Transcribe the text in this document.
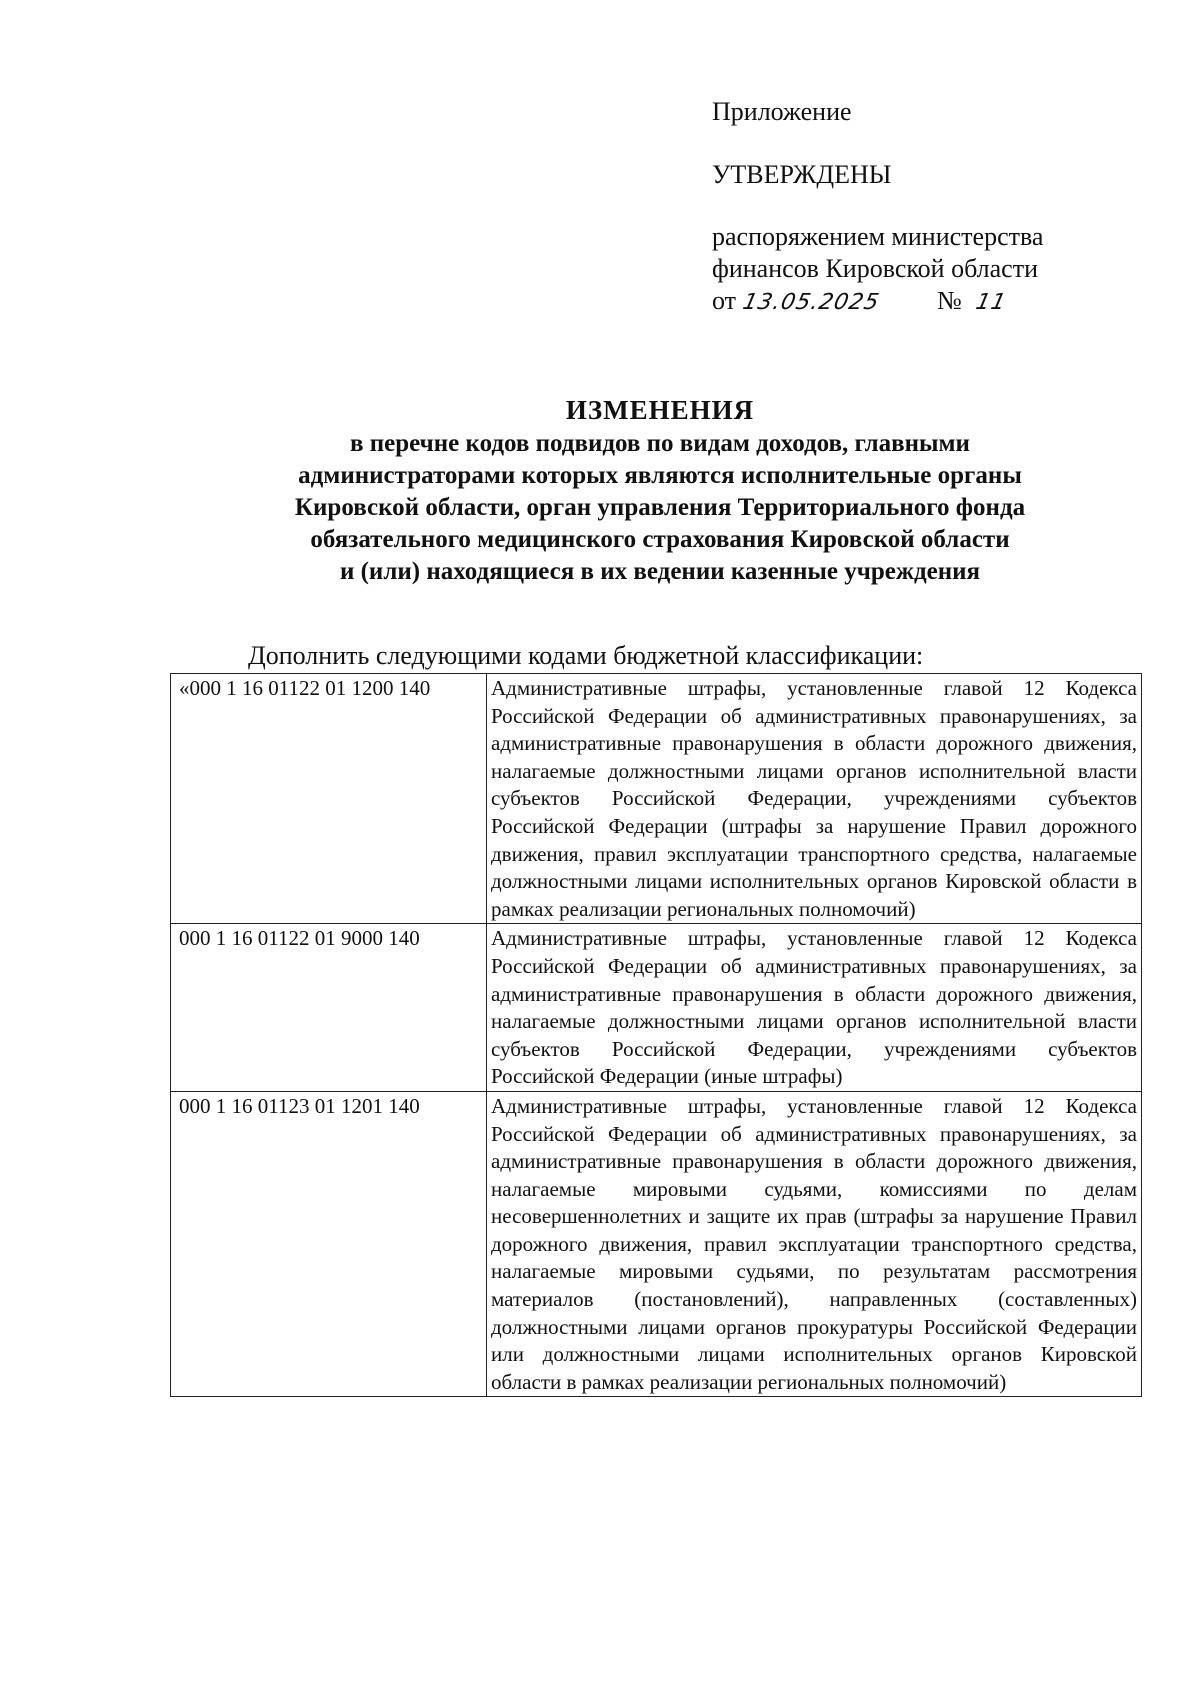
Приложение
УТВЕРЖДЕНЫ
распоряжением министерства
финансов Кировской области
от 13.05.2025 № 11
ИЗМЕНЕНИЯ
в перечне кодов подвидов по видам доходов, главными
администраторами которых являются исполнительные органы
Кировской области, орган управления Территориального фонда
обязательного медицинского страхования Кировской области
и (или) находящиеся в их ведении казенные учреждения
Дополнить следующими кодами бюджетной классификации:
«000 1 16 01122 01 1200 140	Административные штрафы, установленные главой 12 Кодекса Российской Федерации об административных правонарушениях, за административные правонарушения в области дорожного движения, налагаемые должностными лицами органов исполнительной власти субъектов Российской Федерации, учреждениями субъектов Российской Федерации (штрафы за нарушение Правил дорожного движения, правил эксплуатации транспортного средства, налагаемые должностными лицами исполнительных органов Кировской области в рамках реализации региональных полномочий)
000 1 16 01122 01 9000 140	Административные штрафы, установленные главой 12 Кодекса Российской Федерации об административных правонарушениях, за административные правонарушения в области дорожного движения, налагаемые должностными лицами органов исполнительной власти субъектов Российской Федерации, учреждениями субъектов Российской Федерации (иные штрафы)
000 1 16 01123 01 1201 140	Административные штрафы, установленные главой 12 Кодекса Российской Федерации об административных правонарушениях, за административные правонарушения в области дорожного движения, налагаемые мировыми судьями, комиссиями по делам несовершеннолетних и защите их прав (штрафы за нарушение Правил дорожного движения, правил эксплуатации транспортного средства, налагаемые мировыми судьями, по результатам рассмотрения материалов (постановлений), направленных (составленных) должностными лицами органов прокуратуры Российской Федерации или должностными лицами исполнительных органов Кировской области в рамках реализации региональных полномочий)
